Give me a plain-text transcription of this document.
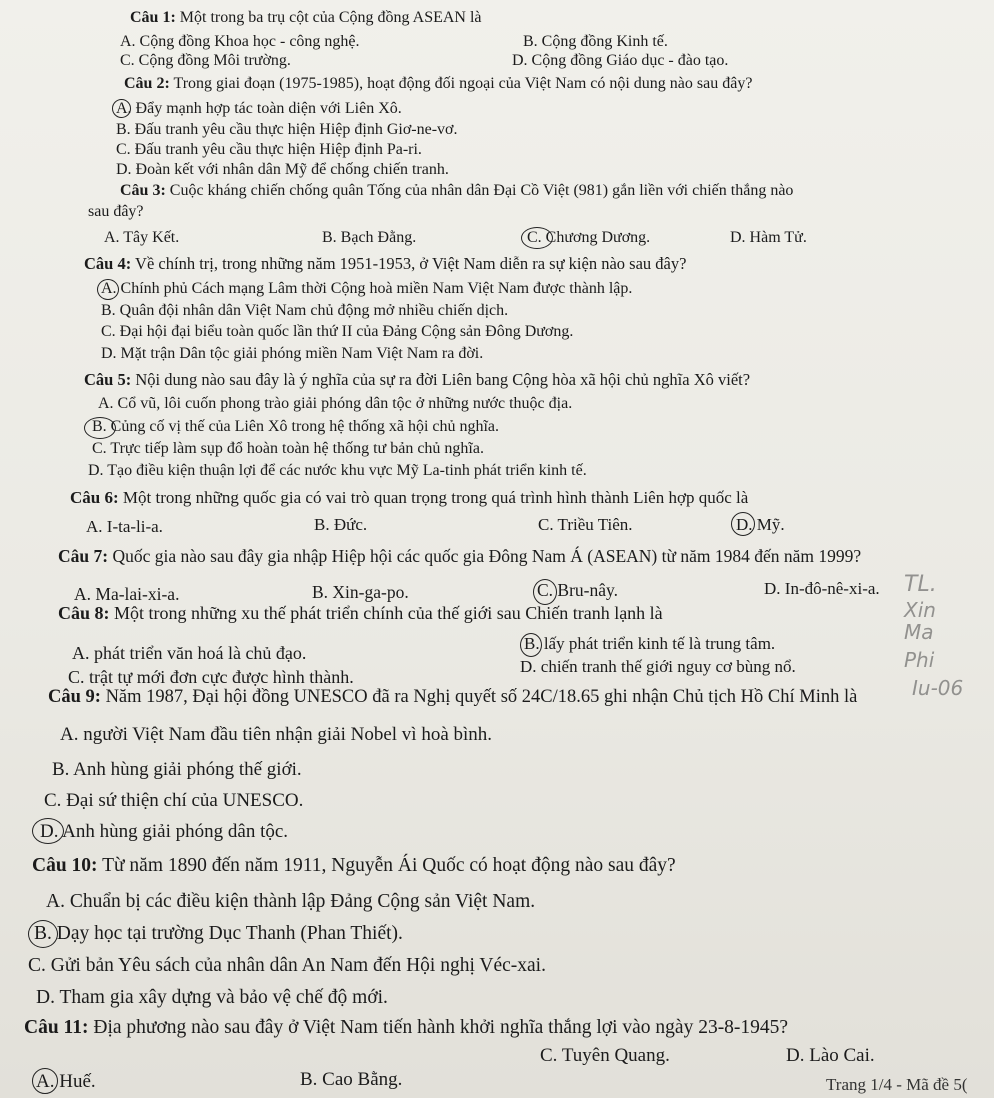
Câu 1: Một trong ba trụ cột của Cộng đồng ASEAN là
A. Cộng đồng Khoa học - công nghệ.	B. Cộng đồng Kinh tế.
C. Cộng đồng Môi trường.	D. Cộng đồng Giáo dục - đào tạo.
Câu 2: Trong giai đoạn (1975-1985), hoạt động đối ngoại của Việt Nam có nội dung nào sau đây?
A. Đẩy mạnh hợp tác toàn diện với Liên Xô.
B. Đấu tranh yêu cầu thực hiện Hiệp định Giơ-ne-vơ.
C. Đấu tranh yêu cầu thực hiện Hiệp định Pa-ri.
D. Đoàn kết với nhân dân Mỹ để chống chiến tranh.
Câu 3: Cuộc kháng chiến chống quân Tống của nhân dân Đại Cồ Việt (981) gắn liền với chiến thắng nào
sau đây?
A. Tây Kết.	B. Bạch Đằng.	C. Chương Dương.	D. Hàm Tử.
Câu 4: Về chính trị, trong những năm 1951-1953, ở Việt Nam diễn ra sự kiện nào sau đây?
A. Chính phủ Cách mạng Lâm thời Cộng hoà miền Nam Việt Nam được thành lập.
B. Quân đội nhân dân Việt Nam chủ động mở nhiều chiến dịch.
C. Đại hội đại biểu toàn quốc lần thứ II của Đảng Cộng sản Đông Dương.
D. Mặt trận Dân tộc giải phóng miền Nam Việt Nam ra đời.
Câu 5: Nội dung nào sau đây là ý nghĩa của sự ra đời Liên bang Cộng hòa xã hội chủ nghĩa Xô viết?
A. Cổ vũ, lôi cuốn phong trào giải phóng dân tộc ở những nước thuộc địa.
B. Củng cố vị thế của Liên Xô trong hệ thống xã hội chủ nghĩa.
C. Trực tiếp làm sụp đổ hoàn toàn hệ thống tư bản chủ nghĩa.
D. Tạo điều kiện thuận lợi để các nước khu vực Mỹ La-tinh phát triển kinh tế.
Câu 6: Một trong những quốc gia có vai trò quan trọng trong quá trình hình thành Liên hợp quốc là
A. I-ta-li-a.	B. Đức.	C. Triều Tiên.	D. Mỹ.
Câu 7: Quốc gia nào sau đây gia nhập Hiệp hội các quốc gia Đông Nam Á (ASEAN) từ năm 1984 đến năm 1999?
A. Ma-lai-xi-a.	B. Xin-ga-po.	C. Bru-nây.	D. In-đô-nê-xi-a. TL.
Xin
Câu 8: Một trong những xu thế phát triển chính của thế giới sau Chiến tranh lạnh là
A. phát triển văn hoá là chủ đạo.	B. lấy phát triển kinh tế là trung tâm.
C. trật tự mới đơn cực được hình thành.
D. chiến tranh thế giới nguy cơ bùng nổ.
Ma
Phi
Câu 9: Năm 1987, Đại hội đồng UNESCO đã ra Nghị quyết số 24C/18.65 ghi nhận Chủ tịch Hồ Chí Minh là	Iu-06
A. người Việt Nam đầu tiên nhận giải Nobel vì hoà bình.
B. Anh hùng giải phóng thế giới.
C. Đại sứ thiện chí của UNESCO.
D. Anh hùng giải phóng dân tộc.
Câu 10: Từ năm 1890 đến năm 1911, Nguyễn Ái Quốc có hoạt động nào sau đây?
A. Chuẩn bị các điều kiện thành lập Đảng Cộng sản Việt Nam.
B. Dạy học tại trường Dục Thanh (Phan Thiết).
C. Gửi bản Yêu sách của nhân dân An Nam đến Hội nghị Véc-xai.
D. Tham gia xây dựng và bảo vệ chế độ mới.
Câu 11: Địa phương nào sau đây ở Việt Nam tiến hành khởi nghĩa thắng lợi vào ngày 23-8-1945?
C. Tuyên Quang.	D. Lào Cai.
A. Huế.	B. Cao Bằng.	Trang 1/4 - Mã đề 5(
